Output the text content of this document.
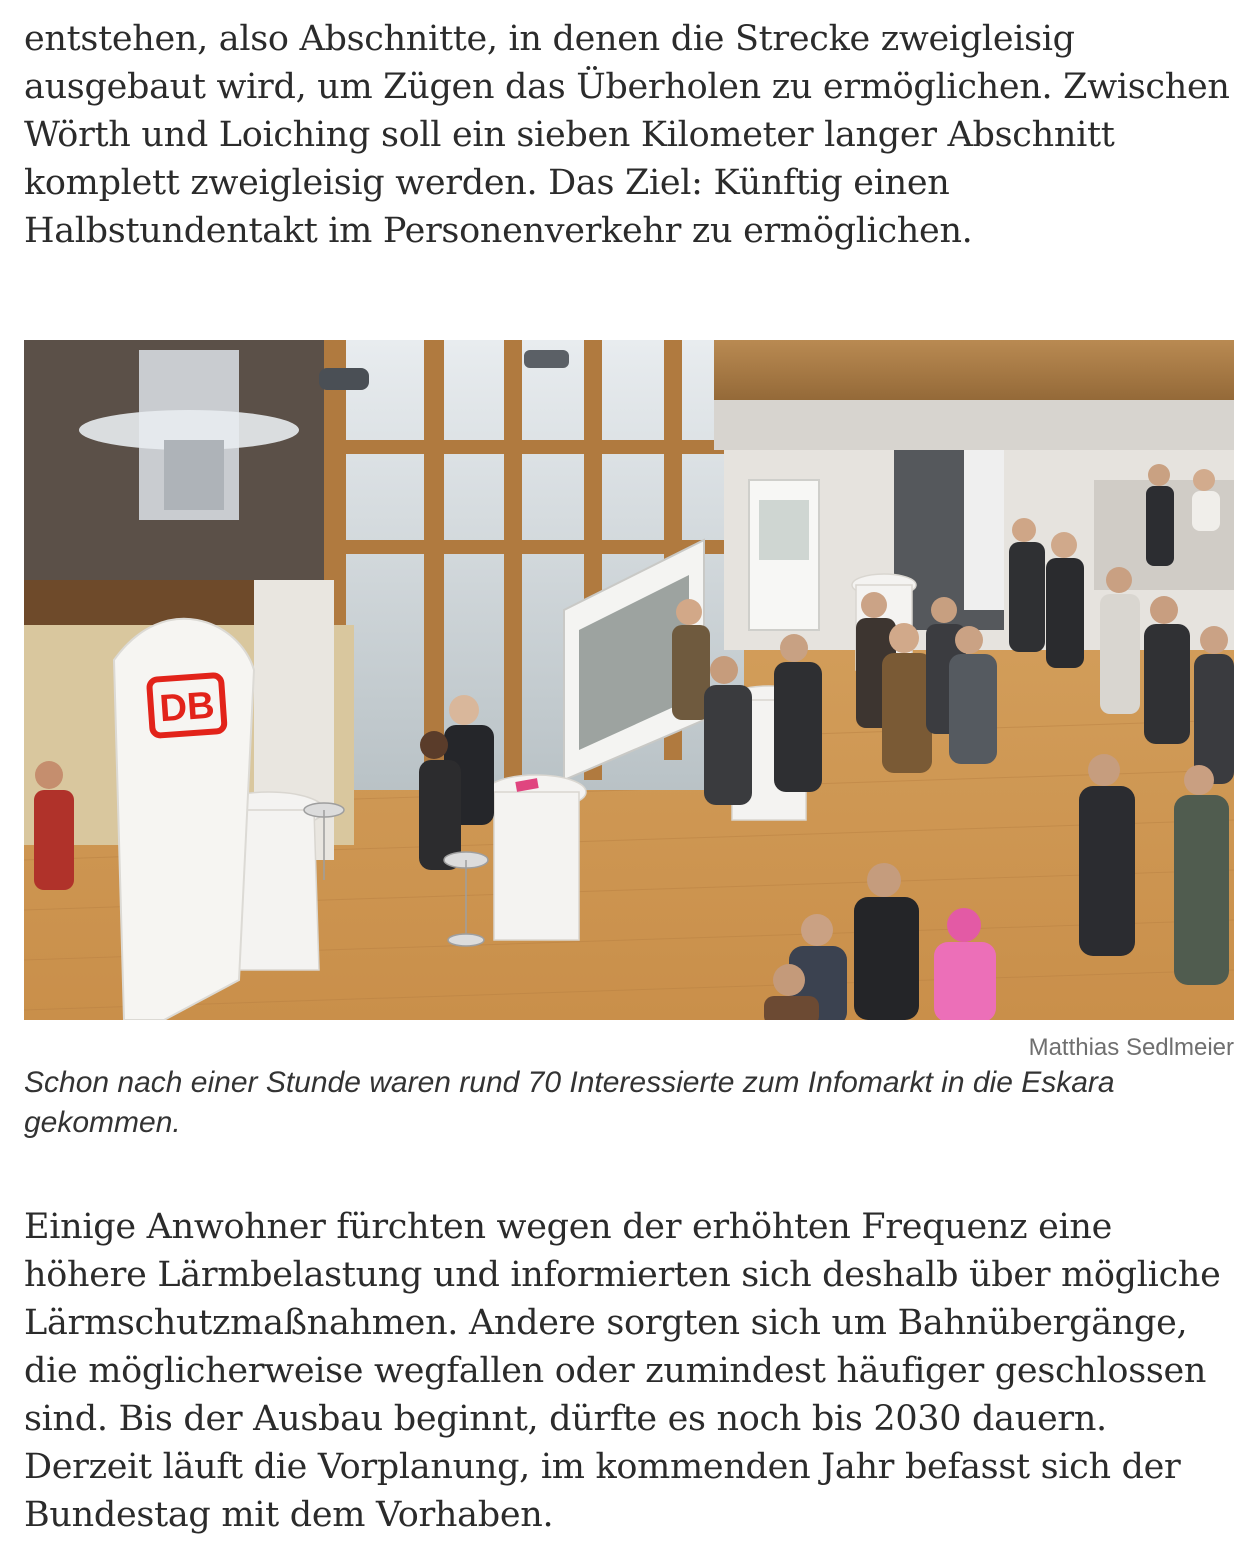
entstehen, also Abschnitte, in denen die Strecke zweigleisig ausgebaut wird, um Zügen das Überholen zu ermöglichen. Zwischen Wörth und Loiching soll ein sieben Kilometer langer Abschnitt komplett zweigleisig werden. Das Ziel: Künftig einen Halbstundentakt im Personenverkehr zu ermöglichen.

DB
Matthias Sedlmeier
Schon nach einer Stunde waren rund 70 Interessierte zum Infomarkt in die Eskara gekommen.

Einige Anwohner fürchten wegen der erhöhten Frequenz eine höhere Lärmbelastung und informierten sich deshalb über mögliche Lärmschutzmaßnahmen. Andere sorgten sich um Bahnübergänge, die möglicherweise wegfallen oder zumindest häufiger geschlossen sind. Bis der Ausbau beginnt, dürfte es noch bis 2030 dauern. Derzeit läuft die Vorplanung, im kommenden Jahr befasst sich der Bundestag mit dem Vorhaben.
